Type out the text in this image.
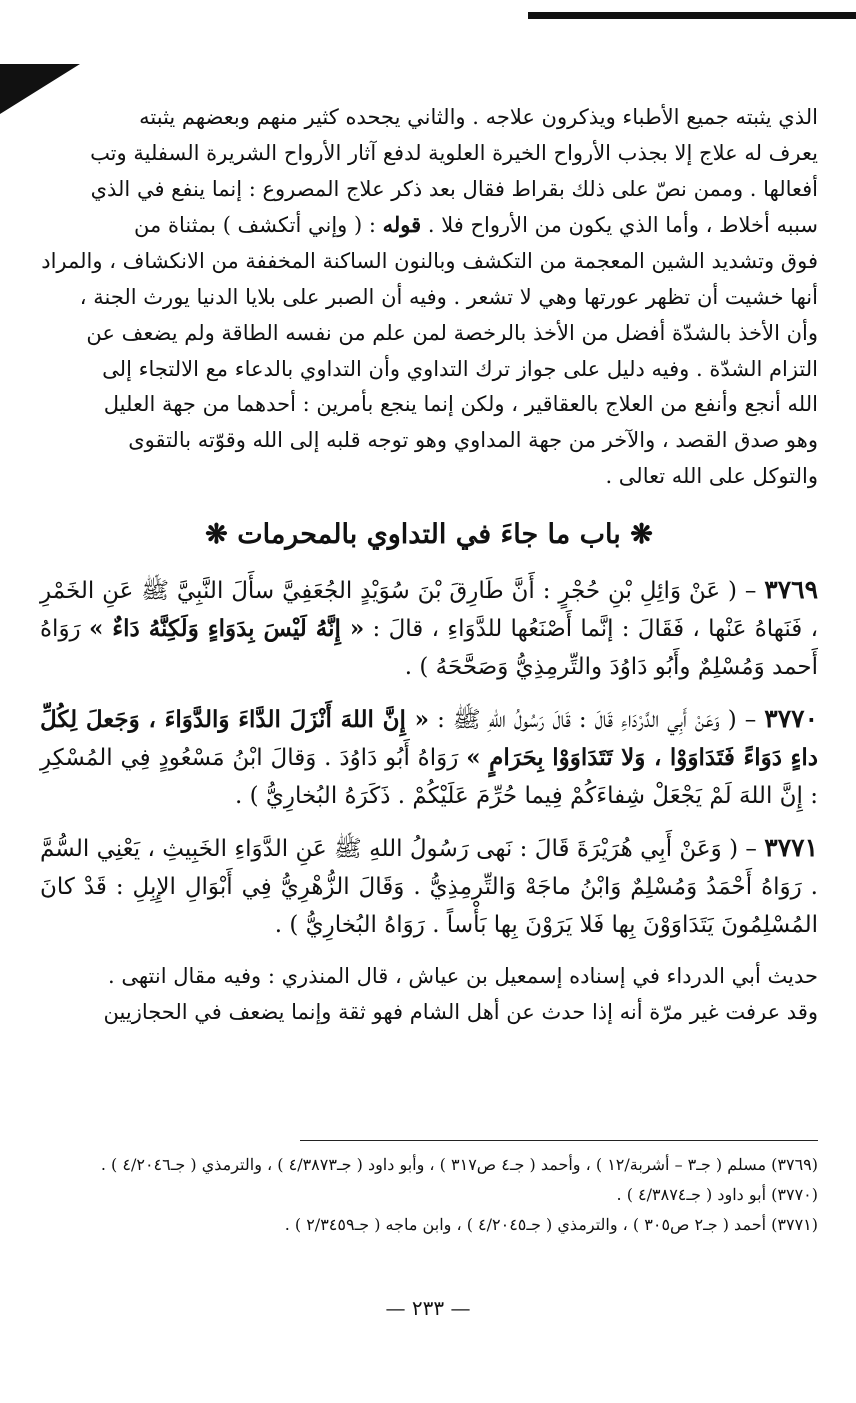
الذي يثبته جميع الأطباء ويذكرون علاجه . والثاني يجحده كثير منهم وبعضهم يثبته
يعرف له علاج إلا بجذب الأرواح الخيرة العلوية لدفع آثار الأرواح الشريرة السفلية وتب
أفعالها . وممن نصّ على ذلك بقراط فقال بعد ذكر علاج المصروع : إنما ينفع في الذي
سببه أخلاط ، وأما الذي يكون من الأرواح فلا . قوله : ( وإني أتكشف ) بمثناة من
فوق وتشديد الشين المعجمة من التكشف وبالنون الساكنة المخففة من الانكشاف ، والمراد
أنها خشيت أن تظهر عورتها وهي لا تشعر . وفيه أن الصبر على بلايا الدنيا يورث الجنة ،
وأن الأخذ بالشدّة أفضل من الأخذ بالرخصة لمن علم من نفسه الطاقة ولم يضعف عن
التزام الشدّة . وفيه دليل على جواز ترك التداوي وأن التداوي بالدعاء مع الالتجاء إلى
الله أنجع وأنفع من العلاج بالعقاقير ، ولكن إنما ينجع بأمرين : أحدهما من جهة العليل
وهو صدق القصد ، والآخر من جهة المداوي وهو توجه قلبه إلى الله وقوّته بالتقوى
والتوكل على الله تعالى .
❋ باب ما جاءَ في التداوي بالمحرمات ❋
٣٧٦٩ – ( عَنْ وَائِلِ بْنِ حُجْرٍ : أَنَّ طَارِقَ بْنَ سُوَيْدٍ الجُعَفِيَّ سأَلَ النَّبِيَّ ﷺ عَنِ الخَمْرِ ، فَنَهاهُ عَنْها ، فَقَالَ : إنَّما أَصْنَعُها للدَّوَاءِ ، قالَ : « إِنَّهُ لَيْسَ بِدَوَاءٍ وَلَكِنَّهُ دَاءٌ » رَوَاهُ أَحمد وَمُسْلِمٌ وأَبُو دَاوُدَ والتِّرمِذِيُّ وَصَحَّحَهُ ) .
٣٧٧٠ – ( وَعَنْ أَبِي الدَّرْدَاءِ قَالَ : قَالَ رَسُولُ اللهِ ﷺ : « إِنَّ اللهَ أَنْزَلَ الدَّاءَ وَالدَّوَاءَ ، وَجَعلَ لِكُلِّ داءٍ دَوَاءً فَتَدَاوَوْا ، وَلا تَتَدَاوَوْا بِحَرَامٍ » رَوَاهُ أَبُو دَاوُدَ . وَقالَ ابْنُ مَسْعُودٍ فِي المُسْكِرِ : إِنَّ اللهَ لَمْ يَجْعَلْ شِفاءَكُمْ فِيما حُرِّمَ عَلَيْكُمْ . ذَكَرَهُ البُخارِيُّ ) .
٣٧٧١ – ( وَعَنْ أَبِي هُرَيْرَةَ قَالَ : نَهى رَسُولُ اللهِ ﷺ عَنِ الدَّوَاءِ الخَبِيثِ ، يَعْنِي السُّمَّ . رَوَاهُ أَحْمَدُ وَمُسْلِمٌ وَابْنُ ماجَهْ وَالتِّرمِذِيُّ . وَقَالَ الزُّهْرِيُّ فِي أَبْوَالِ الإِبِلِ : قَدْ كانَ المُسْلِمُونَ يَتَدَاوَوْنَ بِها فَلا يَرَوْنَ بِها بَأْساً . رَوَاهُ البُخارِيُّ ) .
حديث أبي الدرداء في إسناده إسمعيل بن عياش ، قال المنذري : وفيه مقال انتهى .
وقد عرفت غير مرّة أنه إذا حدث عن أهل الشام فهو ثقة وإنما يضعف في الحجازيين
(٣٧٦٩) مسلم ( جـ٣ – أشربة/١٢ ) ، وأحمد ( جـ٤ ص٣١٧ ) ، وأبو داود ( جـ٤/٣٨٧٣ ) ، والترمذي ( جـ٤/٢٠٤٦ ) .
(٣٧٧٠) أبو داود ( جـ٤/٣٨٧٤ ) .
(٣٧٧١) أحمد ( جـ٢ ص٣٠٥ ) ، والترمذي ( جـ٤/٢٠٤٥ ) ، وابن ماجه ( جـ٢/٣٤٥٩ ) .
— ٢٣٣ —
